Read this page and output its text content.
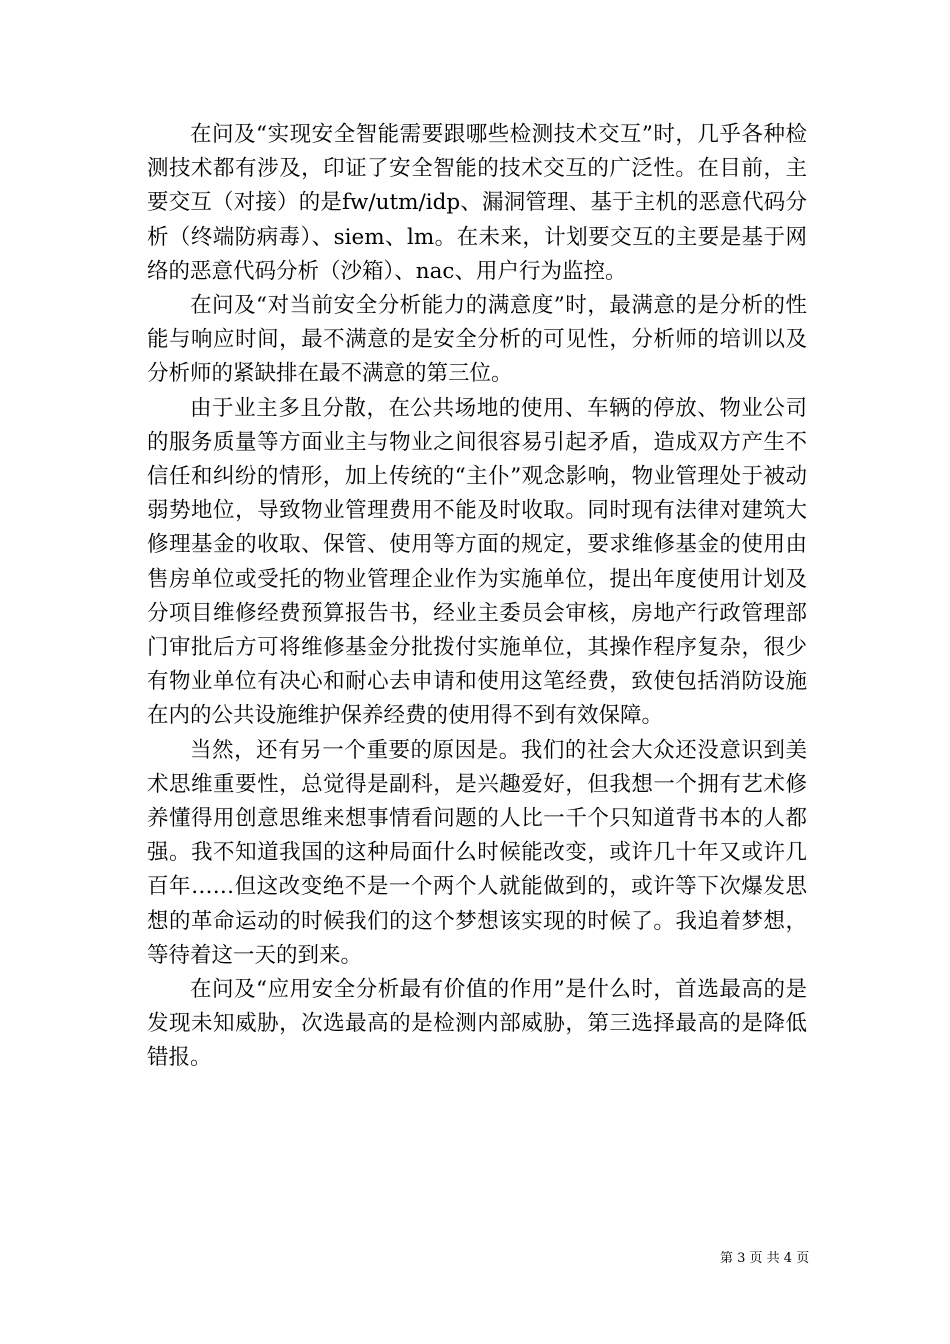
在问及“实现安全智能需要跟哪些检测技术交互”时，几乎各种检测技术都有涉及，印证了安全智能的技术交互的广泛性。在目前，主要交互（对接）的是fw/utm/idp、漏洞管理、基于主机的恶意代码分析（终端防病毒）、siem、lm。在未来，计划要交互的主要是基于网络的恶意代码分析（沙箱）、nac、用户行为监控。

在问及“对当前安全分析能力的满意度”时，最满意的是分析的性能与响应时间，最不满意的是安全分析的可见性，分析师的培训以及分析师的紧缺排在最不满意的第三位。

由于业主多且分散，在公共场地的使用、车辆的停放、物业公司的服务质量等方面业主与物业之间很容易引起矛盾，造成双方产生不信任和纠纷的情形，加上传统的“主仆”观念影响，物业管理处于被动弱势地位，导致物业管理费用不能及时收取。同时现有法律对建筑大修理基金的收取、保管、使用等方面的规定，要求维修基金的使用由售房单位或受托的物业管理企业作为实施单位，提出年度使用计划及分项目维修经费预算报告书，经业主委员会审核，房地产行政管理部门审批后方可将维修基金分批拨付实施单位，其操作程序复杂，很少有物业单位有决心和耐心去申请和使用这笔经费，致使包括消防设施在内的公共设施维护保养经费的使用得不到有效保障。

当然，还有另一个重要的原因是。我们的社会大众还没意识到美术思维重要性，总觉得是副科，是兴趣爱好，但我想一个拥有艺术修养懂得用创意思维来想事情看问题的人比一千个只知道背书本的人都强。我不知道我国的这种局面什么时候能改变，或许几十年又或许几百年……但这改变绝不是一个两个人就能做到的，或许等下次爆发思想的革命运动的时候我们的这个梦想该实现的时候了。我追着梦想，等待着这一天的到来。

在问及“应用安全分析最有价值的作用”是什么时，首选最高的是发现未知威胁，次选最高的是检测内部威胁，第三选择最高的是降低错报。

第 3 页 共 4 页
